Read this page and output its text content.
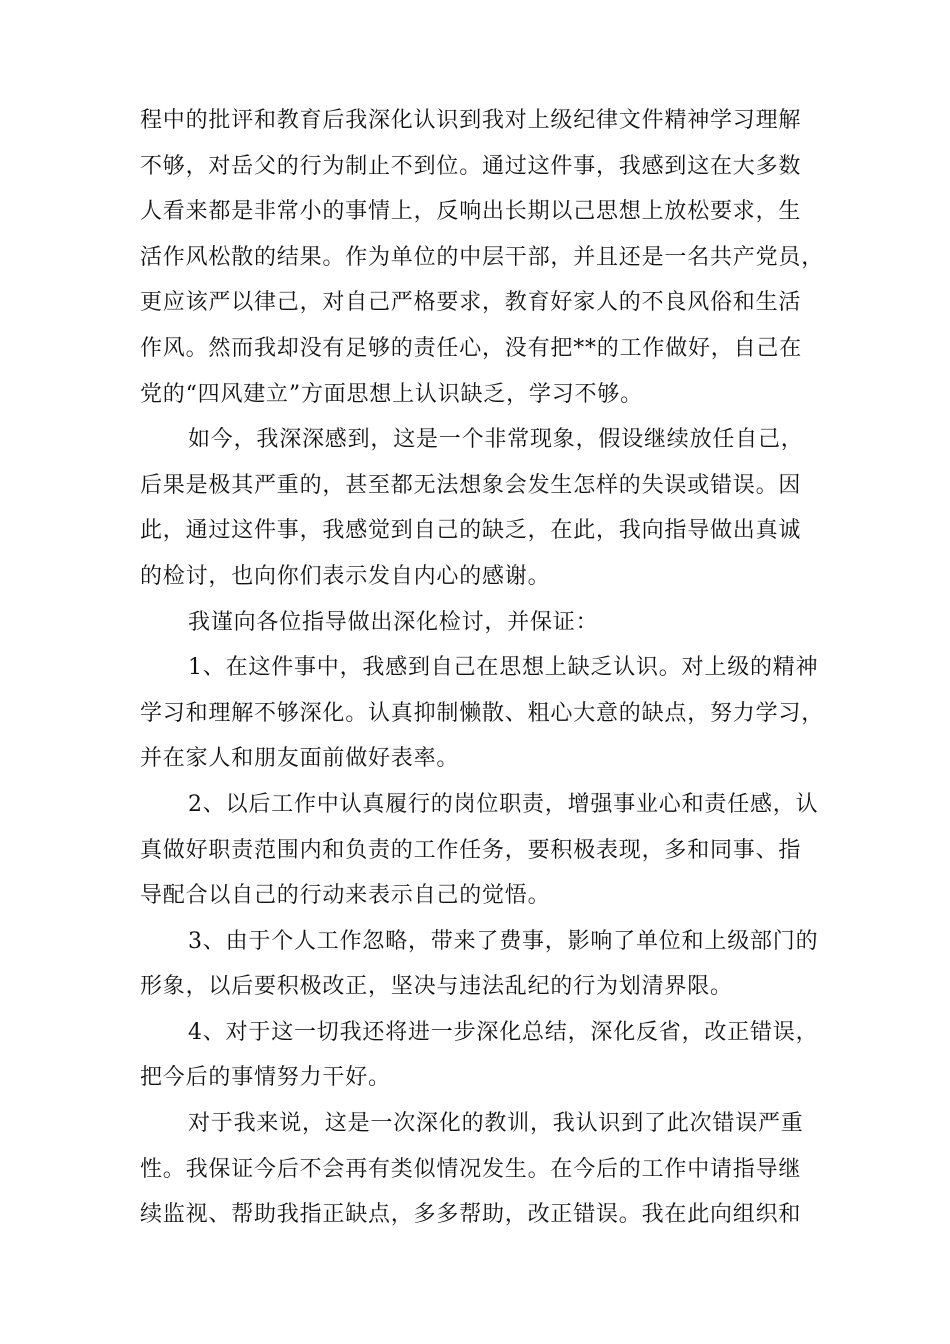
程中的批评和教育后我深化认识到我对上级纪律文件精神学习理解
不够，对岳父的行为制止不到位。通过这件事，我感到这在大多数
人看来都是非常小的事情上，反响出长期以己思想上放松要求，生
活作风松散的结果。作为单位的中层干部，并且还是一名共产党员，
更应该严以律己，对自己严格要求，教育好家人的不良风俗和生活
作风。然而我却没有足够的责任心，没有把**的工作做好，自己在
党的“四风建立”方面思想上认识缺乏，学习不够。
如今，我深深感到，这是一个非常现象，假设继续放任自己，
后果是极其严重的，甚至都无法想象会发生怎样的失误或错误。因
此，通过这件事，我感觉到自己的缺乏，在此，我向指导做出真诚
的检讨，也向你们表示发自内心的感谢。
我谨向各位指导做出深化检讨，并保证：
1、在这件事中，我感到自己在思想上缺乏认识。对上级的精神
学习和理解不够深化。认真抑制懒散、粗心大意的缺点，努力学习，
并在家人和朋友面前做好表率。
2、以后工作中认真履行的岗位职责，增强事业心和责任感，认
真做好职责范围内和负责的工作任务，要积极表现，多和同事、指
导配合以自己的行动来表示自己的觉悟。
3、由于个人工作忽略，带来了费事，影响了单位和上级部门的
形象，以后要积极改正，坚决与违法乱纪的行为划清界限。
4、对于这一切我还将进一步深化总结，深化反省，改正错误，
把今后的事情努力干好。
对于我来说，这是一次深化的教训，我认识到了此次错误严重
性。我保证今后不会再有类似情况发生。在今后的工作中请指导继
续监视、帮助我指正缺点，多多帮助，改正错误。我在此向组织和
